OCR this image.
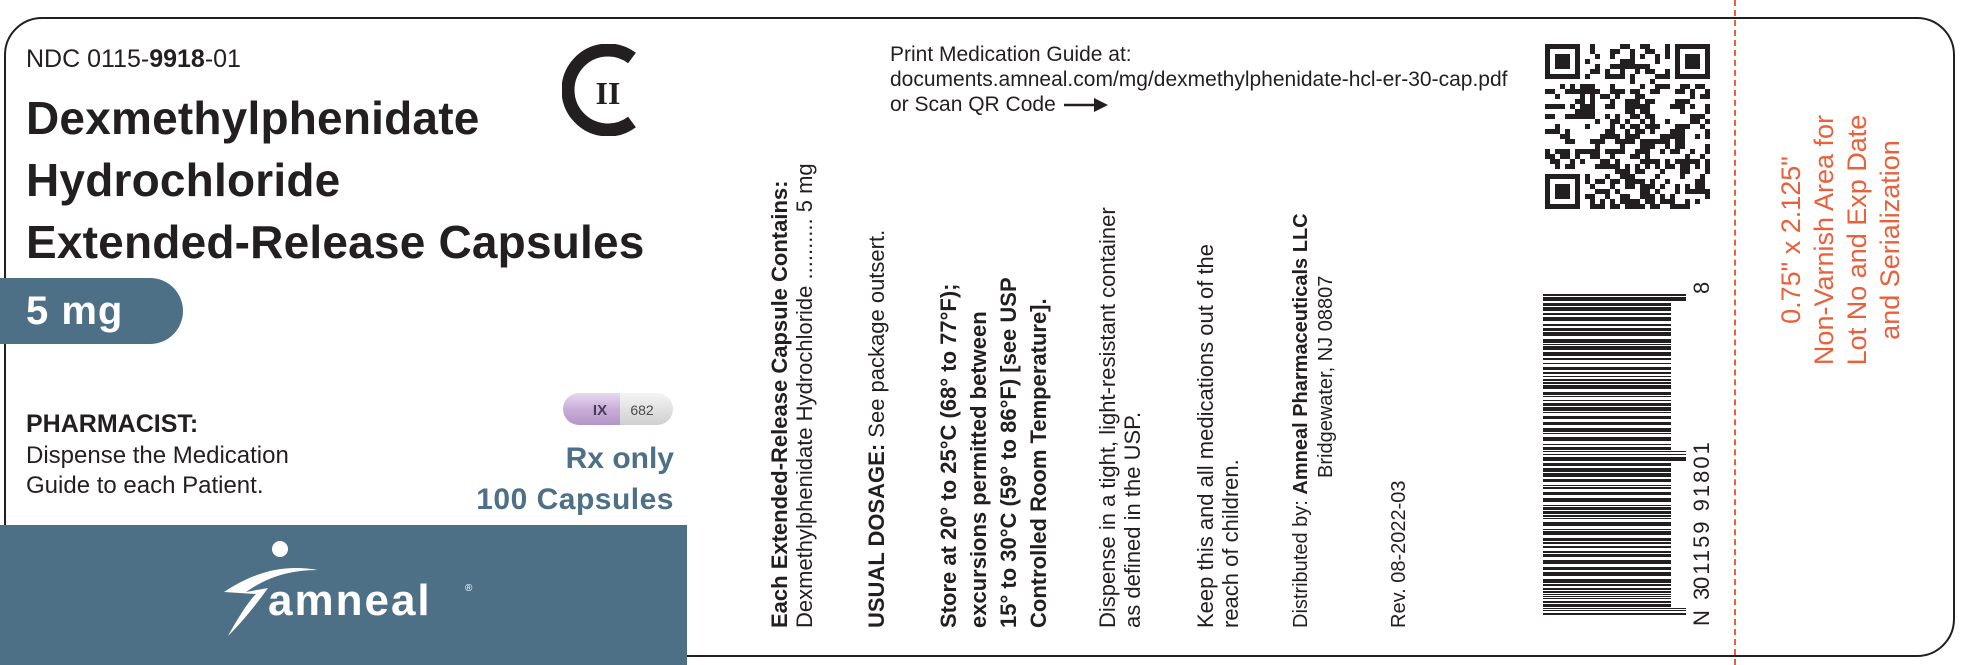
NDC 0115-9918-01
II
Dexmethylphenidate
Hydrochloride
Extended-Release Capsules
5 mg
PHARMACIST:
Dispense the Medication
Guide to each Patient.
IX 682
Rx only
100 Capsules
amneal	®
Print Medication Guide at:
documents.amneal.com/mg/dexmethylphenidate-hcl-er-30-cap.pdf
or Scan QR Code
Each Extended-Release Capsule Contains: Dexmethylphenidate Hydrochloride .......... 5 mg USUAL DOSAGE: See package outsert. Store at 20° to 25°C (68° to 77°F); excursions permitted between 15° to 30°C (59° to 86°F) [see USP Controlled Room Temperature]. Dispense in a tight, light-resistant container as defined in the USP. Keep this and all medications out of the reach of children. Distributed by: Amneal Pharmaceuticals LLC Bridgewater, NJ 08807
Rev. 08-2022-03	N 3
01159 91801
8 0.75" x 2.125" Non-Varnish Area for Lot No and Exp Date and Serialization
